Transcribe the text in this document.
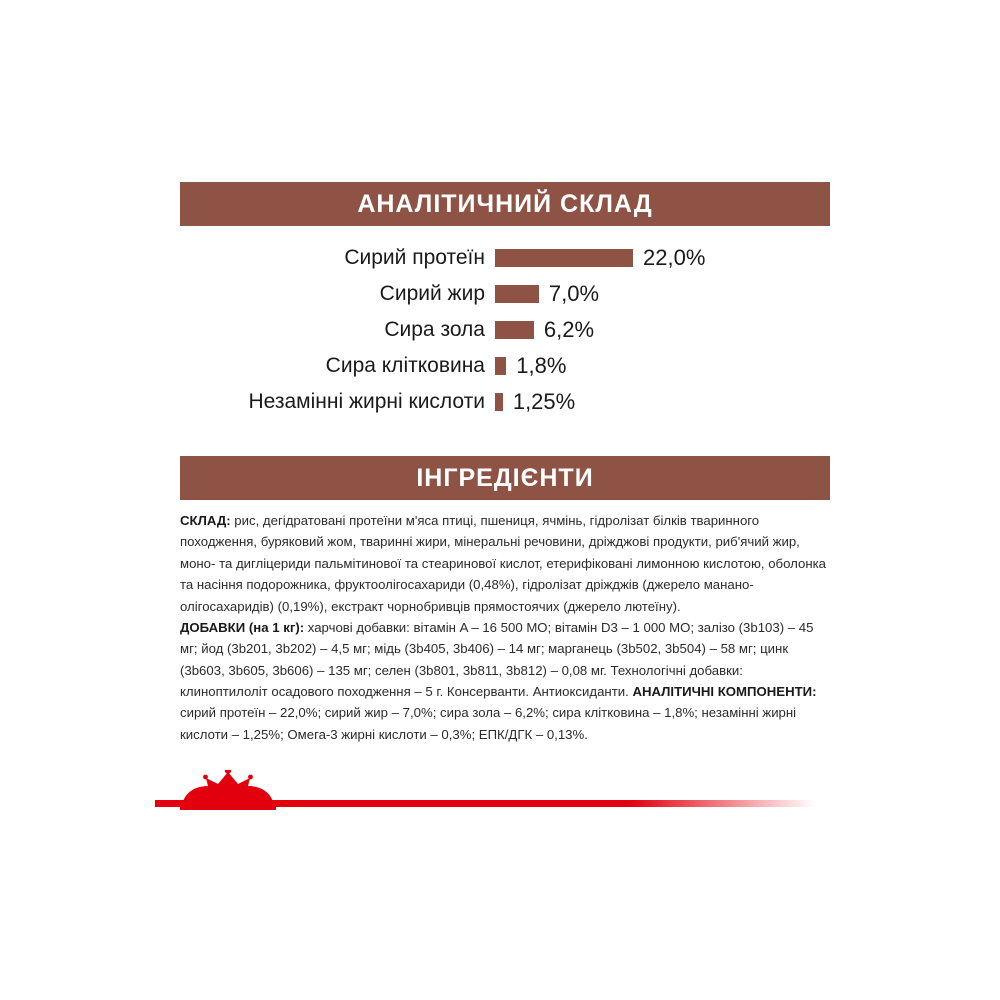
АНАЛІТИЧНИЙ СКЛАД
Сирий протеїн	22,0%
Сирий жир	7,0%
Сира зола	6,2%
Сира клітковина	1,8%
Незамінні жирні кислоти	1,25%
ІНГРЕДІЄНТИ

СКЛАД: рис, дегідратовані протеїни м'яса птиці, пшениця, ячмінь, гідролізат білків тваринного походження, буряковий жом, тваринні жири, мінеральні речовини, дріжджові продукти, риб'ячий жир, моно- та дигліцериди пальмітинової та стеаринової кислот, етерифіковані лимонною кислотою, оболонка та насіння подорожника, фруктоолігосахариди (0,48%), гідролізат дріжджів (джерело мананоолігосахаридів) (0,19%), екстракт чорнобривців прямостоячих (джерело лютеїну).
ДОБАВКИ (на 1 кг): харчові добавки: вітамін A – 16 500 МО; вітамін D3 – 1 000 МО; залізо (3b103) – 45 мг; йод (3b201, 3b202) – 4,5 мг; мідь (3b405, 3b406) – 14 мг; марганець (3b502, 3b504) – 58 мг; цинк (3b603, 3b605, 3b606) – 135 мг; селен (3b801, 3b811, 3b812) – 0,08 мг. Технологічні добавки: клиноптилоліт осадового походження – 5 г. Консерванти. Антиоксиданти. АНАЛІТИЧНІ КОМПОНЕНТИ: сирий протеїн – 22,0%; сирий жир – 7,0%; сира зола – 6,2%; сира клітковина – 1,8%; незамінні жирні кислоти – 1,25%; Омега-3 жирні кислоти – 0,3%; ЕПК/ДГК – 0,13%.
